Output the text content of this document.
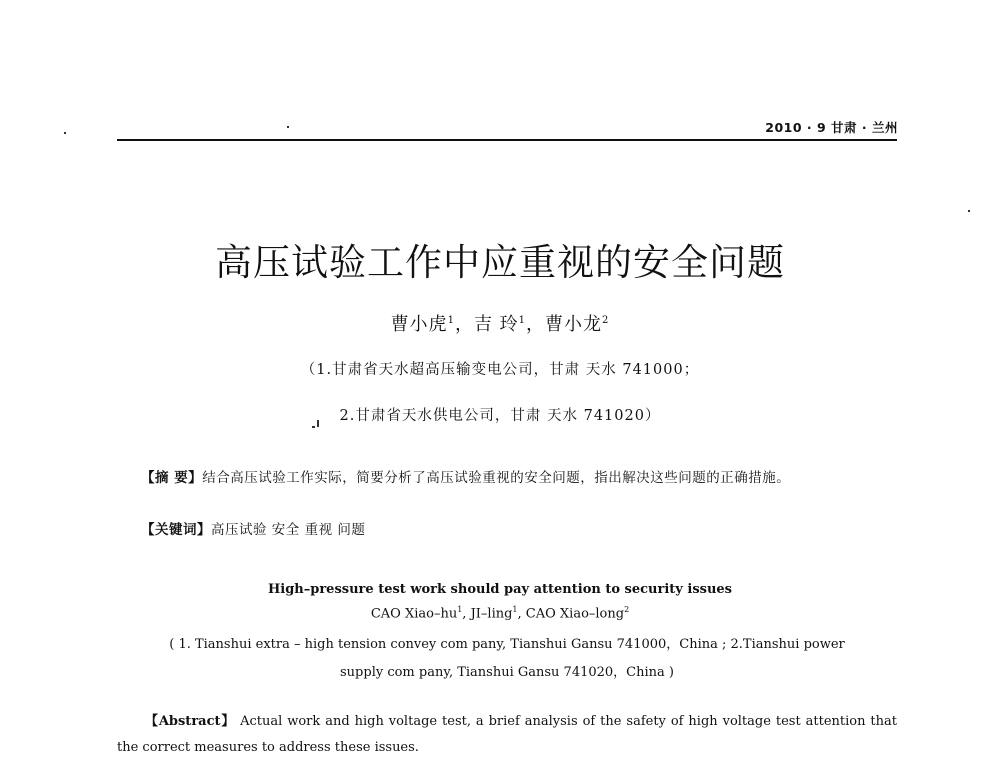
2010 · 9 甘肃 · 兰州
高压试验工作中应重视的安全问题
曹小虎$^1$，吉 玲$^1$，曹小龙$^2$
（1.甘肃省天水超高压输变电公司，甘肃 天水 741000；
2.甘肃省天水供电公司，甘肃 天水 741020）
【摘 要】结合高压试验工作实际，简要分析了高压试验重视的安全问题，指出解决这些问题的正确措施。
【关键词】高压试验 安全 重视 问题
High–pressure test work should pay attention to security issues
CAO Xiao–$hu^1$, JI–ling$^1$, CAO Xiao–long$^2$
( 1. Tianshui extra – high tension convey com pany, Tianshui Gansu 741000，China ; 2.Tianshui power
supply com pany, Tianshui Gansu 741020，China )
【Abstract】 Actual work and high voltage test, a brief analysis of the safety of high voltage test attention that the correct measures to address these issues.
